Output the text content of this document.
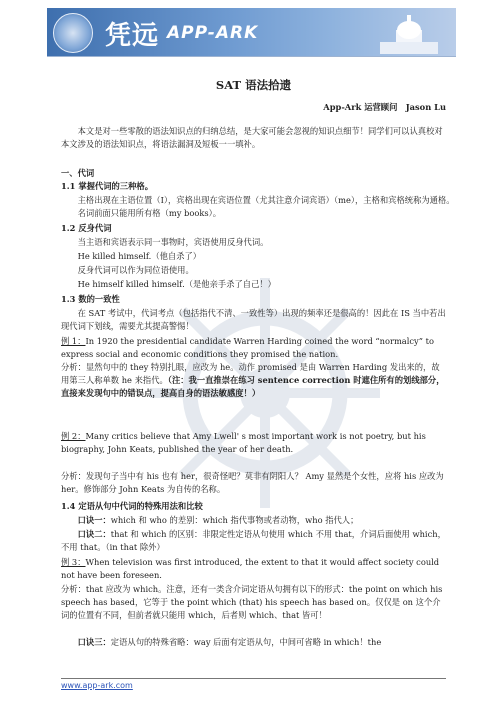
凭远 APP-ARK
SAT 语法拾遗
App-Ark 运营顾问　Jason Lu

本文是对一些零散的语法知识点的归纳总结，是大家可能会忽视的知识点细节！同学们可以认真校对本文涉及的语法知识点，将语法漏洞及短板一一填补。

一、代词

1.1 掌握代词的三种格。

主格出现在主语位置（I），宾格出现在宾语位置（尤其注意介词宾语）（me），主格和宾格统称为通格。名词前面只能用所有格（my books）。

1.2 反身代词

当主语和宾语表示同一事物时，宾语使用反身代词。

He killed himself.（他自杀了）

反身代词可以作为同位语使用。

He himself killed himself.（是他亲手杀了自己！）

1.3 数的一致性

在 SAT 考试中，代词考点（包括指代不清、一致性等）出现的频率还是很高的！因此在 IS 当中若出现代词下划线，需要尤其提高警惕！

例 1：In 1920 the presidential candidate Warren Harding coined the word “normalcy” to express social and economic conditions they promised the nation.

分析：显然句中的 they 特别扎眼，应改为 he。动作 promised 是由 Warren Harding 发出来的，故用第三人称单数 he 来指代。（注：我一直推崇在练习 sentence correction 时遮住所有的划线部分，直接来发现句中的错误点，提高自身的语法敏感度！）

例 2：Many critics believe that Amy Lwell' s most important work is not poetry, but his biography, John Keats, published the year of her death.

分析：发现句子当中有 his 也有 her，很奇怪吧？莫非有阴阳人？ Amy 显然是个女性，应将 his 应改为 her。修饰部分 John Keats 为自传的名称。

1.4 定语从句中代词的特殊用法和比较

口诀一：which 和 who 的差别：which 指代事物或者动物，who 指代人；

口诀二：that 和 which 的区别：非限定性定语从句使用 which 不用 that，介词后面使用 which，不用 that。（in that 除外）

例 3：When television was first introduced, the extent to that it would affect society could not have been foreseen.

分析：that 应改为 which。注意，还有一类含介词定语从句拥有以下的形式：the point on which his speech has based，它等于 the point which (that) his speech has based on。仅仅是 on 这个介词的位置有不同，但前者就只能用 which，后者则 which、that 皆可！

口诀三：定语从句的特殊省略：way 后面有定语从句，中间可省略 in which！the

www.app-ark.com
